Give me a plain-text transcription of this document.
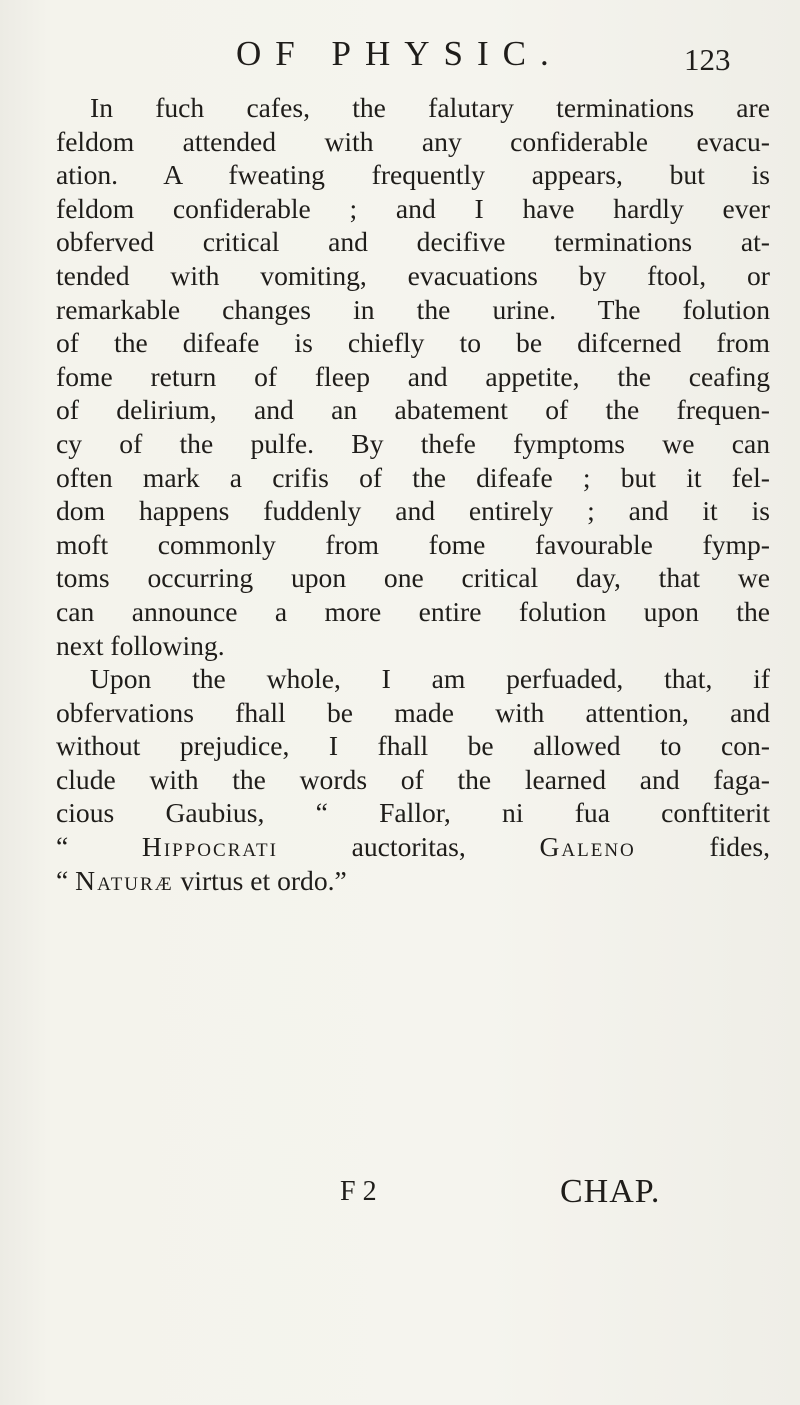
OF PHYSIC.	123
In fuch cafes, the falutary terminations are
feldom attended with any confiderable evacu-
ation. A fweating frequently appears, but is
feldom confiderable ; and I have hardly ever
obferved critical and decifive terminations at-
tended with vomiting, evacuations by ftool, or
remarkable changes in the urine. The folution
of the difeafe is chiefly to be difcerned from
fome return of fleep and appetite, the ceafing
of delirium, and an abatement of the frequen-
cy of the pulfe. By thefe fymptoms we can
often mark a crifis of the difeafe ; but it fel-
dom happens fuddenly and entirely ; and it is
moft commonly from fome favourable fymp-
toms occurring upon one critical day, that we
can announce a more entire folution upon the
next following.
Upon the whole, I am perfuaded, that, if
obfervations fhall be made with attention, and
without prejudice, I fhall be allowed to con-
clude with the words of the learned and faga-
cious Gaubius, “ Fallor, ni fua conftiterit
“	Hippocrati	auctoritas,	Galeno	fides,
“ Naturæ virtus et ordo.”
F 2	CHAP.
